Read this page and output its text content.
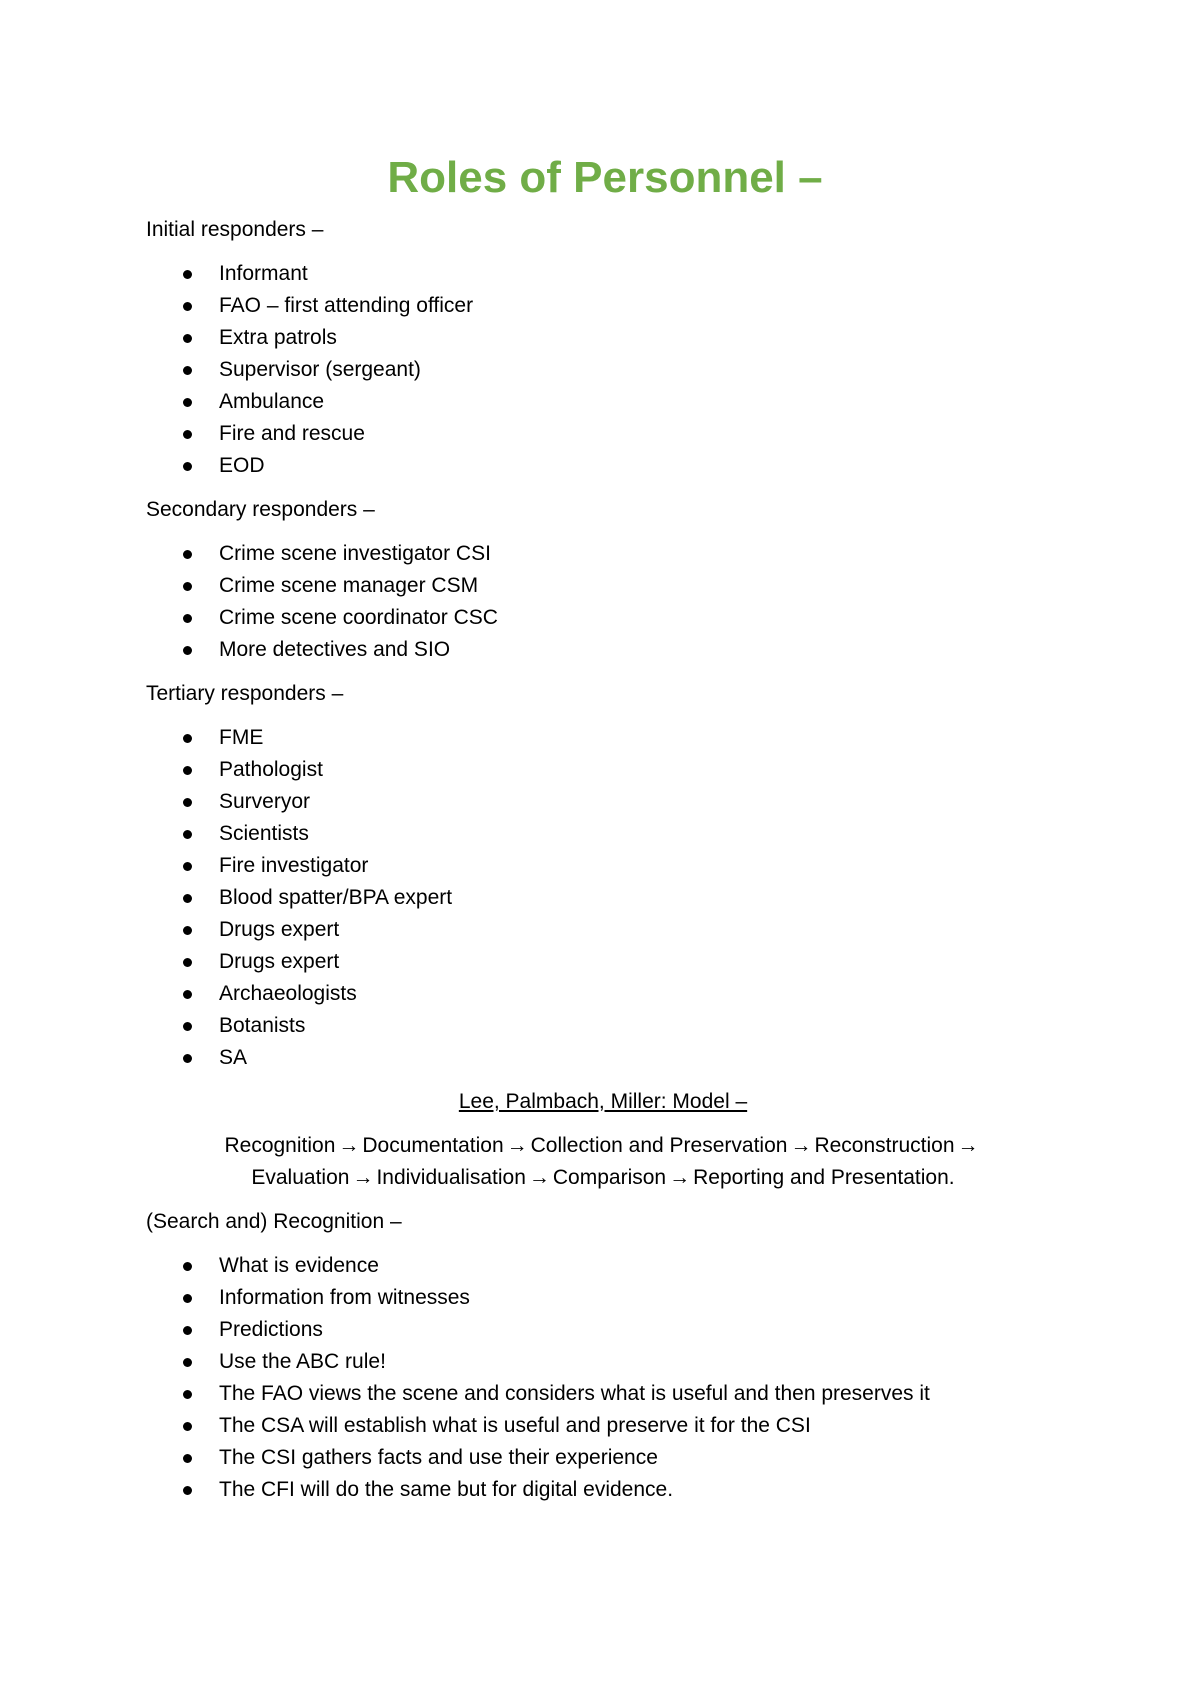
Roles of Personnel –
Initial responders –
Informant
FAO – first attending officer
Extra patrols
Supervisor (sergeant)
Ambulance
Fire and rescue
EOD
Secondary responders –
Crime scene investigator CSI
Crime scene manager CSM
Crime scene coordinator CSC
More detectives and SIO
Tertiary responders –
FME
Pathologist
Surveryor
Scientists
Fire investigator
Blood spatter/BPA expert
Drugs expert
Drugs expert
Archaeologists
Botanists
SA
Lee, Palmbach, Miller: Model –
Recognition → Documentation → Collection and Preservation → Reconstruction →
Evaluation → Individualisation → Comparison → Reporting and Presentation.
(Search and) Recognition –
What is evidence
Information from witnesses
Predictions
Use the ABC rule!
The FAO views the scene and considers what is useful and then preserves it
The CSA will establish what is useful and preserve it for the CSI
The CSI gathers facts and use their experience
The CFI will do the same but for digital evidence.
